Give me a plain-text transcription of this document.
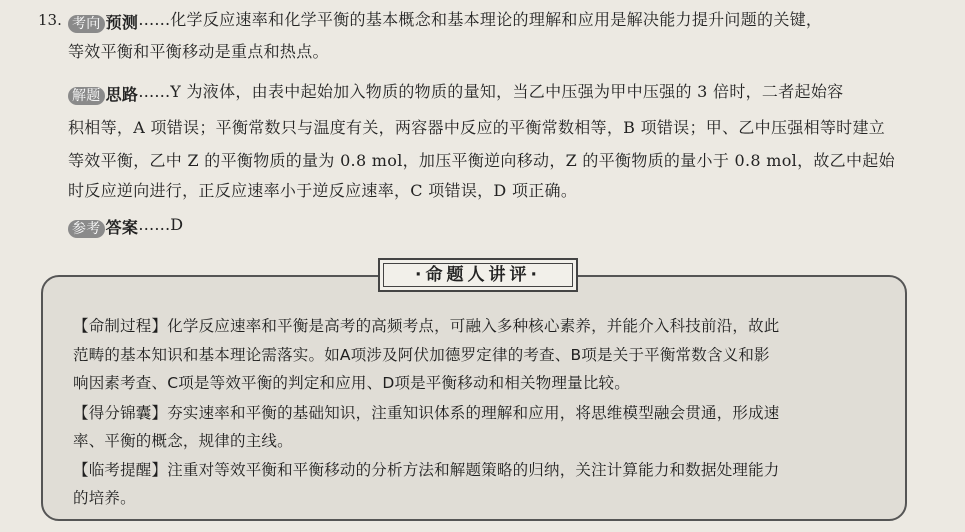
13. 考向 预测……化学反应速率和化学平衡的基本概念和基本理论的理解和应用是解决能力提升问题的关键，
等效平衡和平衡移动是重点和热点。
解题 思路……Y 为液体，由表中起始加入物质的物质的量知，当乙中压强为甲中压强的 3 倍时，二者起始容
积相等，A 项错误；平衡常数只与温度有关，两容器中反应的平衡常数相等，B 项错误；甲、乙中压强相等时建立
等效平衡，乙中 Z 的平衡物质的量为 0.8 mol，加压平衡逆向移动，Z 的平衡物质的量小于 0.8 mol，故乙中起始
时反应逆向进行，正反应速率小于逆反应速率，C 项错误，D 项正确。
参考 答案……D
·命题人讲评·
【命制过程】化学反应速率和平衡是高考的高频考点，可融入多种核心素养，并能介入科技前沿，故此
范畴的基本知识和基本理论需落实。如A项涉及阿伏加德罗定律的考查、B项是关于平衡常数含义和影
响因素考查、C项是等效平衡的判定和应用、D项是平衡移动和相关物理量比较。
【得分锦囊】夯实速率和平衡的基础知识，注重知识体系的理解和应用，将思维模型融会贯通，形成速
率、平衡的概念，规律的主线。
【临考提醒】注重对等效平衡和平衡移动的分析方法和解题策略的归纳，关注计算能力和数据处理能力
的培养。
